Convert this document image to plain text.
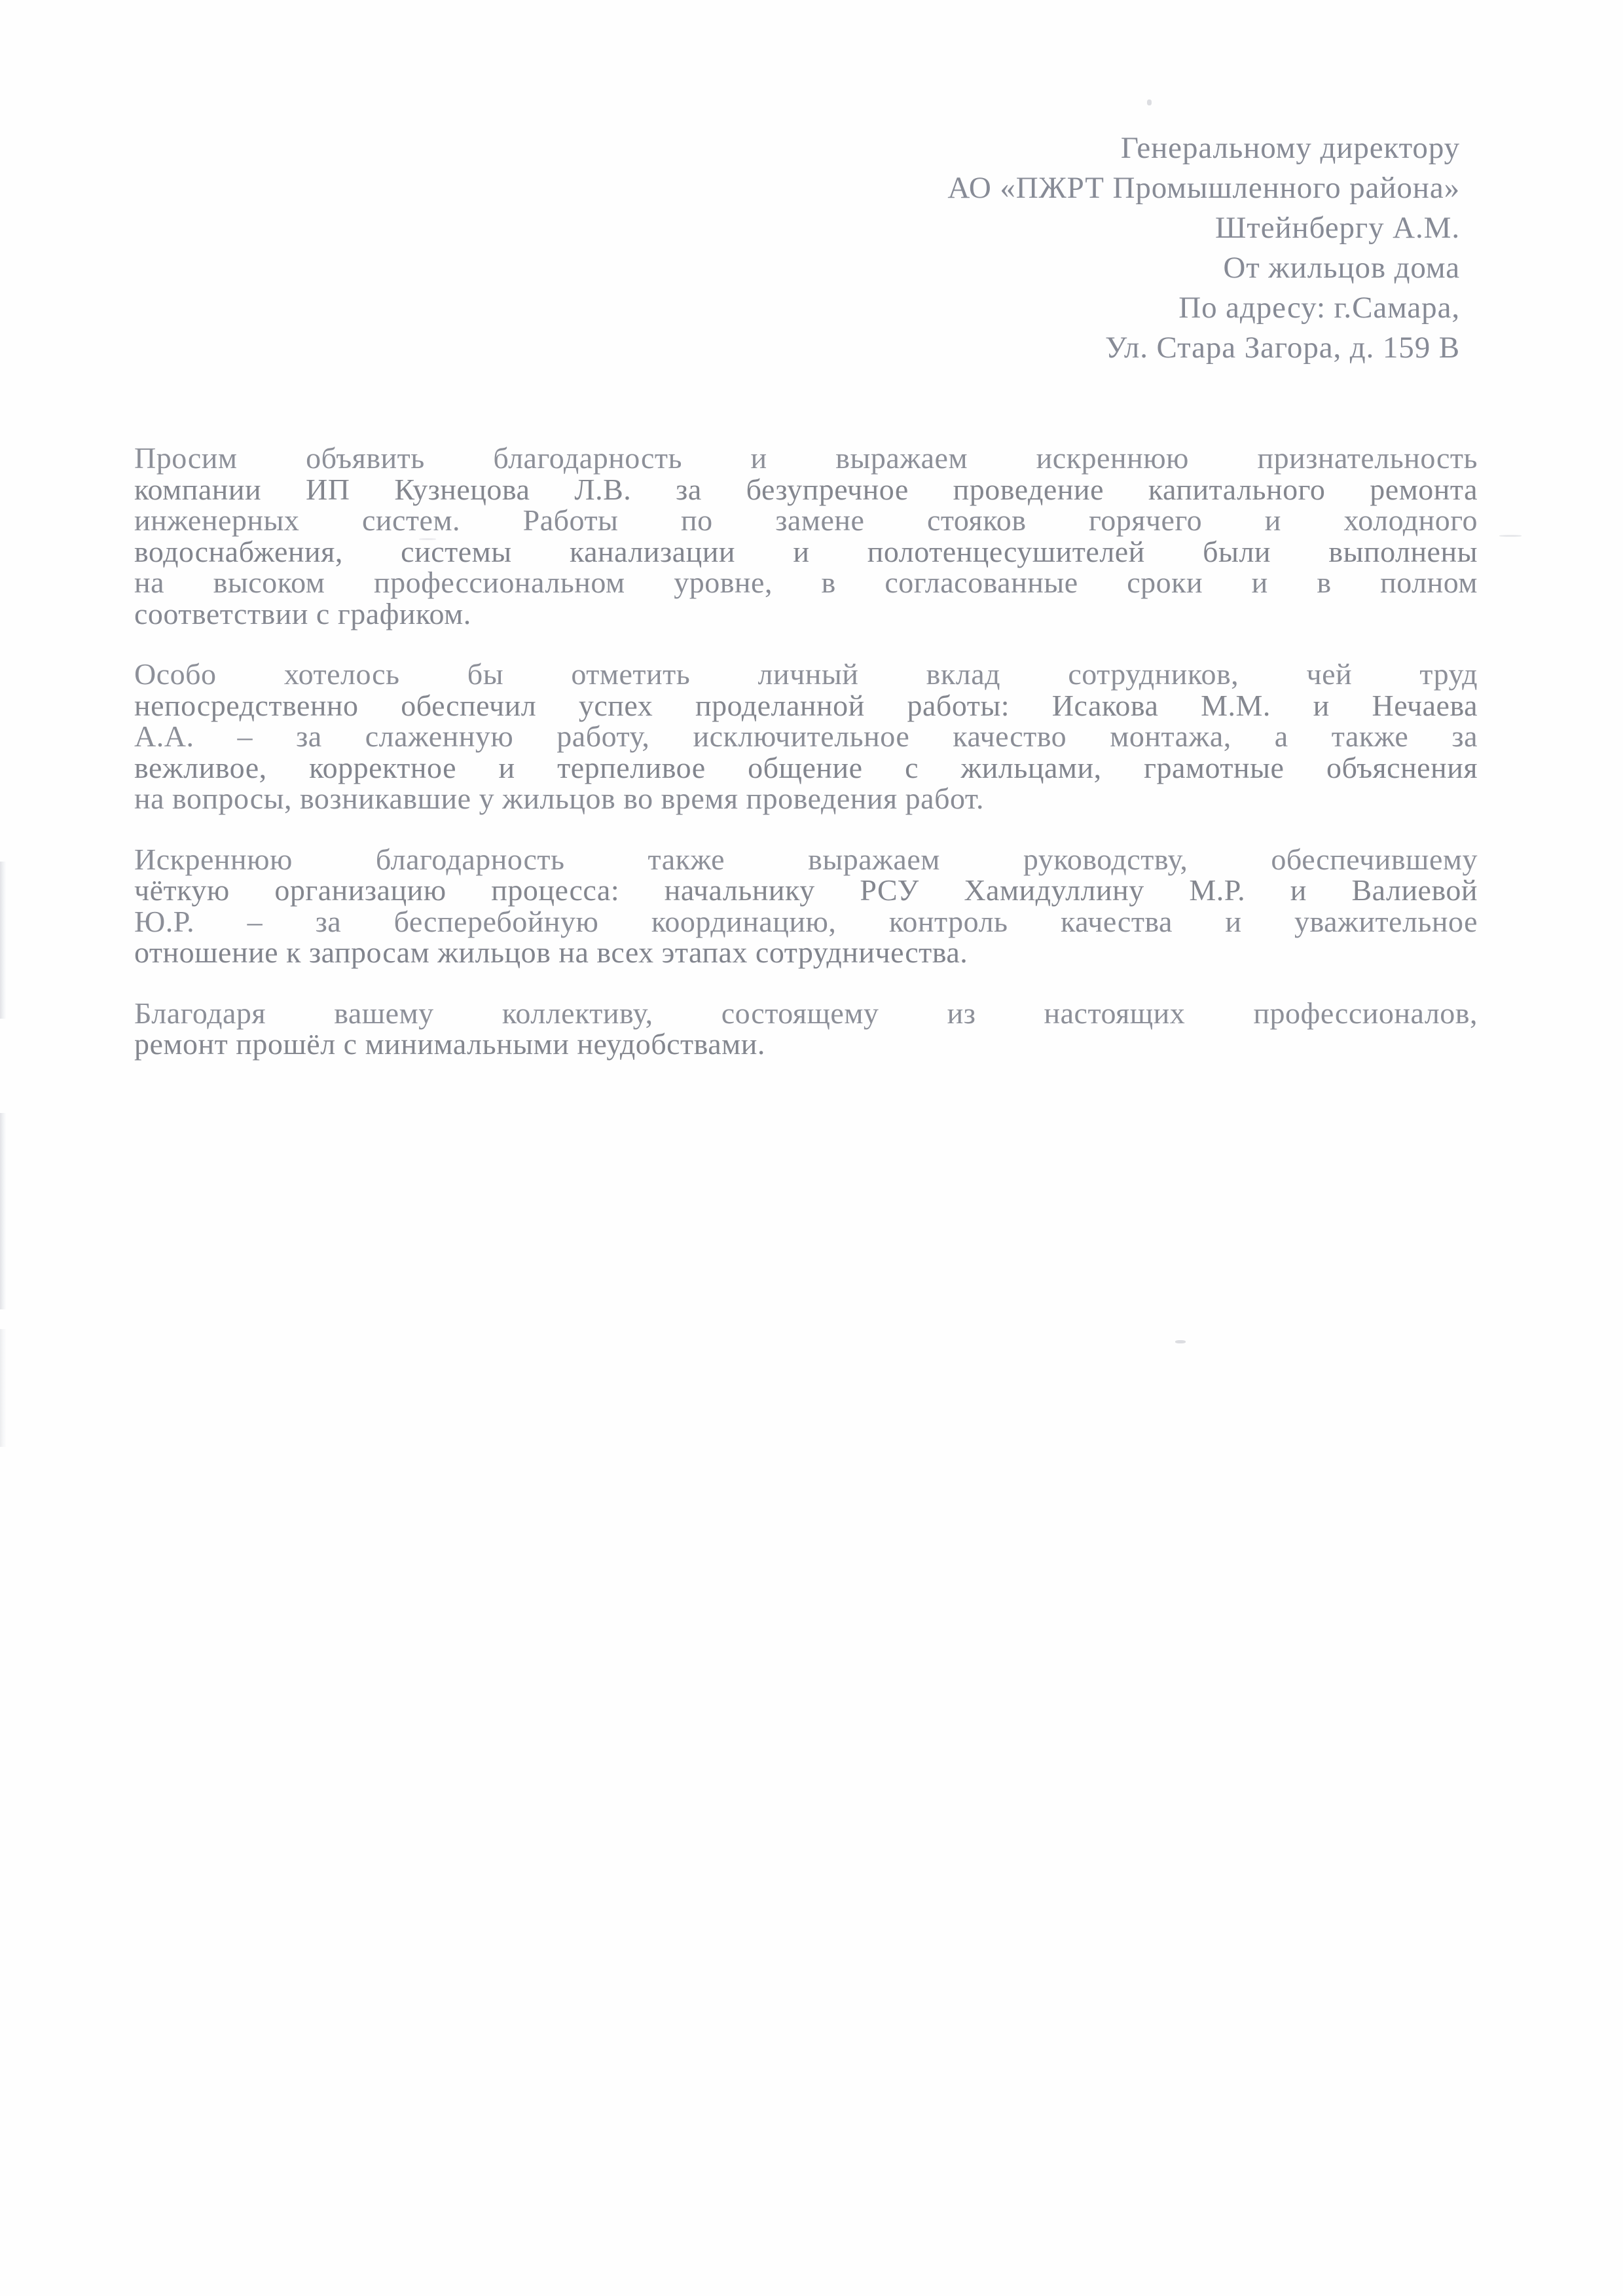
Генеральному директору
АО «ПЖРТ Промышленного района»
Штейнбергу А.М.
От жильцов дома
По адресу: г.Самара,
Ул. Стара Загора, д. 159 В

Просим объявить благодарность и выражаем искреннюю признательность
компании ИП Кузнецова Л.В. за безупречное проведение капитального ремонта
инженерных систем. Работы по замене стояков горячего и холодного
водоснабжения, системы канализации и полотенцесушителей были выполнены
на высоком профессиональном уровне, в согласованные сроки и в полном
соответствии с графиком.

Особо хотелось бы отметить личный вклад сотрудников, чей труд
непосредственно обеспечил успех проделанной работы: Исакова М.М. и Нечаева
А.А. – за слаженную работу, исключительное качество монтажа, а также за
вежливое, корректное и терпеливое общение с жильцами, грамотные объяснения
на вопросы, возникавшие у жильцов во время проведения работ.

Искреннюю благодарность также выражаем руководству, обеспечившему
чёткую организацию процесса: начальнику РСУ Хамидуллину М.Р. и Валиевой
Ю.Р. – за бесперебойную координацию, контроль качества и уважительное
отношение к запросам жильцов на всех этапах сотрудничества.

Благодаря вашему коллективу, состоящему из настоящих профессионалов,
ремонт прошёл с минимальными неудобствами.
